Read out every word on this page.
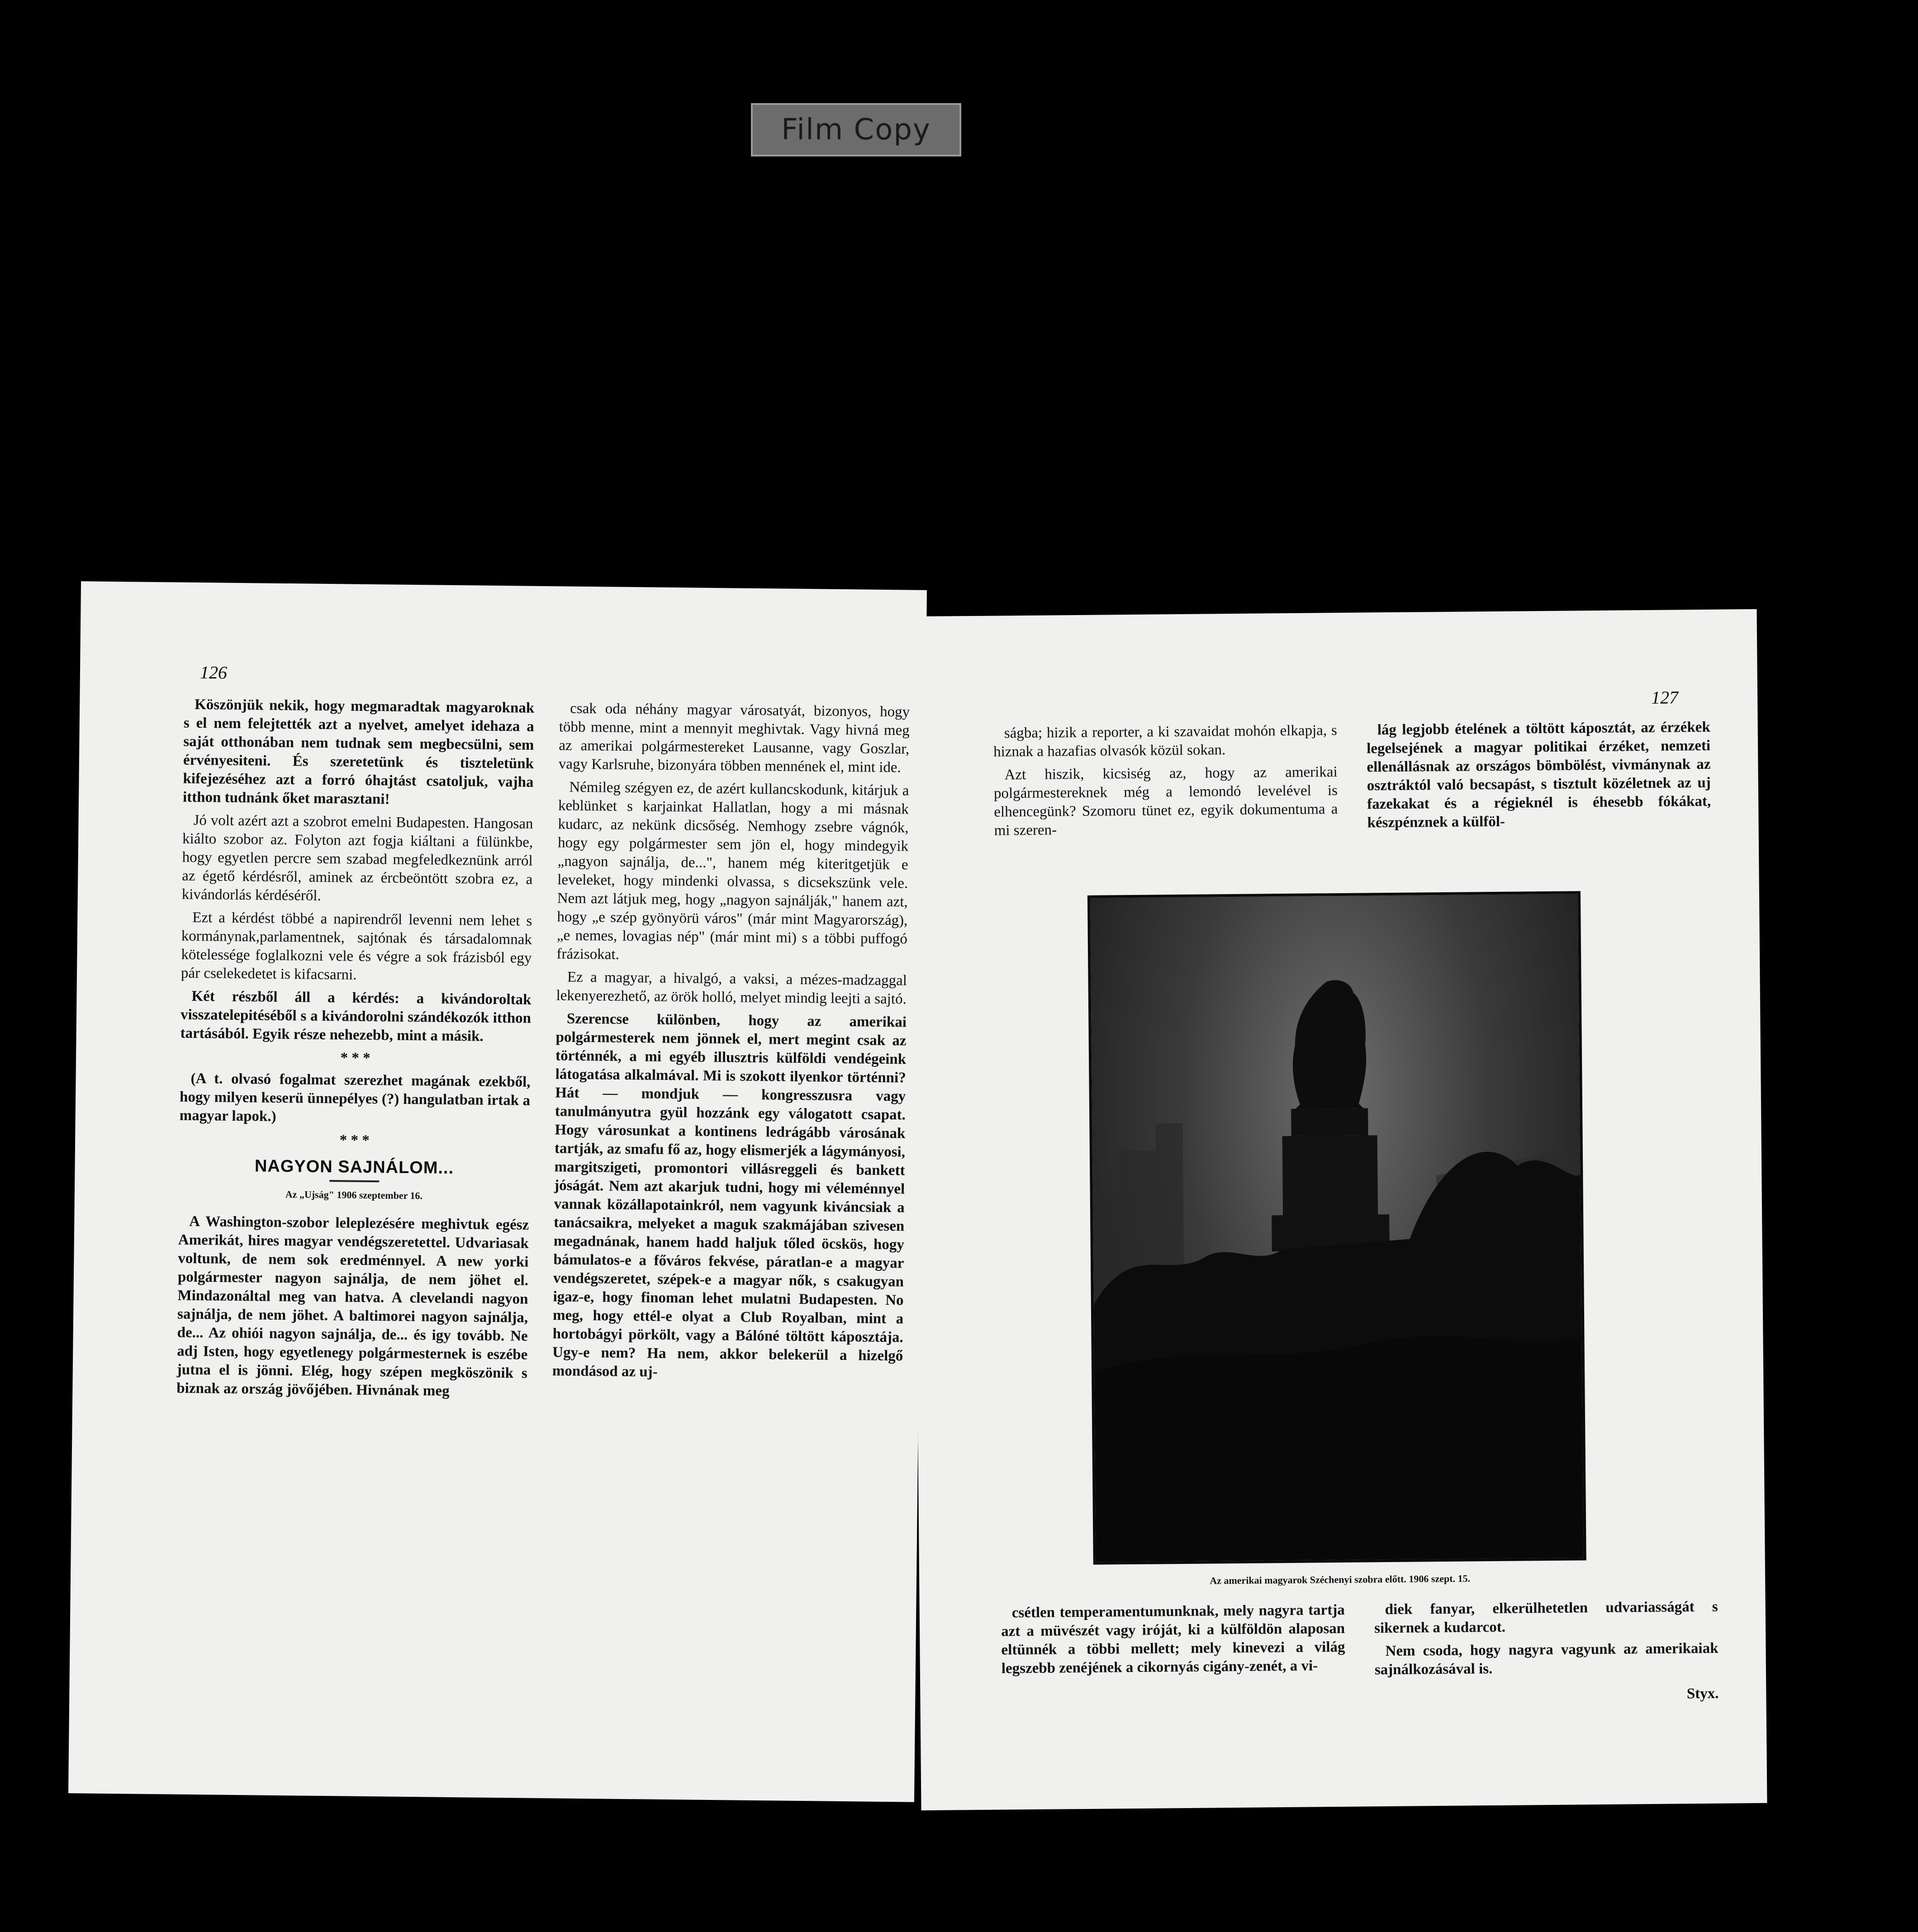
Film Copy
126

Köszönjük nekik, hogy megmaradtak magyaroknak s el nem felejtették azt a nyelvet, amelyet idehaza a saját otthonában nem tudnak sem megbecsülni, sem érvényesiteni. És szeretetünk és tiszteletünk kifejezéséhez azt a forró óhajtást csatoljuk, vajha itthon tudnánk őket marasztani!

Jó volt azért azt a szobrot emelni Budapesten. Hangosan kiálto szobor az. Folyton azt fogja kiáltani a fülünkbe, hogy egyetlen percre sem szabad megfeledkeznünk arról az égető kérdésről, aminek az ércbeöntött szobra ez, a kivándorlás kérdéséről.

Ezt a kérdést többé a napirendről levenni nem lehet s kormánynak,parlamentnek, sajtónak és társadalomnak kötelessége foglalkozni vele és végre a sok frázisból egy pár cselekedetet is kifacsarni.

Két részből áll a kérdés: a kivándoroltak visszatelepitéséből s a kivándorolni szándékozók itthon tartásából. Egyik része nehezebb, mint a másik.

* * *

(A t. olvasó fogalmat szerezhet magának ezekből, hogy milyen keserü ünnepélyes (?) hangulatban irtak a magyar lapok.)

* * *
NAGYON SAJNÁLOM...
Az „Ujság" 1906 szeptember 16.

A Washington-szobor leleplezésére meghivtuk egész Amerikát, hires magyar vendégszeretettel. Udvariasak voltunk, de nem sok eredménnyel. A new yorki polgármester nagyon sajnálja, de nem jöhet el. Mindazonáltal meg van hatva. A clevelandi nagyon sajnálja, de nem jöhet. A baltimorei nagyon sajnálja, de... Az ohiói nagyon sajnálja, de... és igy tovább. Ne adj Isten, hogy egyetlenegy polgármesternek is eszébe jutna el is jönni. Elég, hogy szépen megköszönik s biznak az ország jövőjében. Hivnának meg

csak oda néhány magyar városatyát, bizonyos, hogy több menne, mint a mennyit meghivtak. Vagy hivná meg az amerikai polgármestereket Lausanne, vagy Goszlar, vagy Karlsruhe, bizonyára többen mennének el, mint ide.

Némileg szégyen ez, de azért kullancskodunk, kitárjuk a keblünket s karjainkat Hallatlan, hogy a mi másnak kudarc, az nekünk dicsőség. Nemhogy zsebre vágnók, hogy egy polgármester sem jön el, hogy mindegyik „nagyon sajnálja, de...", hanem még kiteritgetjük e leveleket, hogy mindenki olvassa, s dicsekszünk vele. Nem azt látjuk meg, hogy „nagyon sajnálják," hanem azt, hogy „e szép gyönyörü város" (már mint Magyarország), „e nemes, lovagias nép" (már mint mi) s a többi puffogó frázisokat.

Ez a magyar, a hivalgó, a vaksi, a mézes-madzaggal lekenyerezhető, az örök holló, melyet mindig leejti a sajtó.

Szerencse különben, hogy az amerikai polgármesterek nem jönnek el, mert megint csak az történnék, a mi egyéb illusztris külföldi vendégeink látogatása alkalmával. Mi is szokott ilyenkor történni? Hát — mondjuk — kongresszusra vagy tanulmányutra gyül hozzánk egy válogatott csapat. Hogy városunkat a kontinens ledrágább városának tartják, az smafu fő az, hogy elismerjék a lágymányosi, margitszigeti, promontori villásreggeli és bankett jóságát. Nem azt akarjuk tudni, hogy mi véleménnyel vannak közállapotainkról, nem vagyunk kiváncsiak a tanácsaikra, melyeket a maguk szakmájában szivesen megadnának, hanem hadd haljuk tőled öcskös, hogy bámulatos-e a főváros fekvése, páratlan-e a magyar vendégszeretet, szépek-e a magyar nők, s csakugyan igaz-e, hogy finoman lehet mulatni Budapesten. No meg, hogy ettél-e olyat a Club Royalban, mint a hortobágyi pörkölt, vagy a Bálóné töltött káposztája. Ugy-e nem? Ha nem, akkor belekerül a hizelgő mondásod az uj-

127

ságba; hizik a reporter, a ki szavaidat mohón elkapja, s hiznak a hazafias olvasók közül sokan.

Azt hiszik, kicsiség az, hogy az amerikai polgármestereknek még a lemondó levelével is elhencegünk? Szomoru tünet ez, egyik dokumentuma a mi szeren-

lág legjobb ételének a töltött káposztát, az érzékek legelsejének a magyar politikai érzéket, nemzeti ellenállásnak az országos bömbölést, vivmánynak az osztráktól való becsapást, s tisztult közéletnek az uj fazekakat és a régieknél is éhesebb fókákat, készpénznek a külföl-

Az amerikai magyarok Széchenyi szobra előtt. 1906 szept. 15.

csétlen temperamentumunknak, mely nagyra tartja azt a müvészét vagy iróját, ki a külföldön alaposan eltünnék a többi mellett; mely kinevezi a világ legszebb zenéjének a cikornyás cigány-zenét, a vi-

diek fanyar, elkerülhetetlen udvariasságát s sikernek a kudarcot.

Nem csoda, hogy nagyra vagyunk az amerikaiak sajnálkozásával is.

Styx.
